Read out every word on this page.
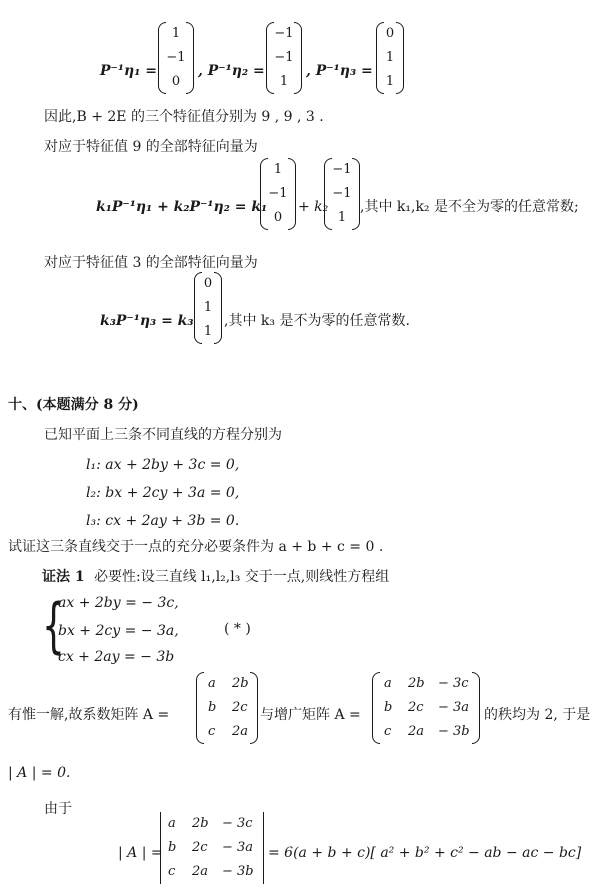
P⁻¹η₁ =
1
−1
0
, P⁻¹η₂ =
−1
−1
1
, P⁻¹η₃ =
0
1
1
因此,B + 2E 的三个特征值分别为 9 , 9 , 3 .
对应于特征值 9 的全部特征向量为
k₁P⁻¹η₁ + k₂P⁻¹η₂ = k₁
1
−1
0
+ k₂
−1
−1
1
,其中 k₁,k₂ 是不全为零的任意常数;
对应于特征值 3 的全部特征向量为
k₃P⁻¹η₃ = k₃
0
1
1
,其中 k₃ 是不为零的任意常数.
十、(本题满分 8 分)
已知平面上三条不同直线的方程分别为
l₁: ax + 2by + 3c = 0,
l₂: bx + 2cy + 3a = 0,
l₃: cx + 2ay + 3b = 0.
试证这三条直线交于一点的充分必要条件为 a + b + c = 0 .
证法 1 必要性:设三直线 l₁,l₂,l₃ 交于一点,则线性方程组
{
ax + 2by = − 3c,
bx + 2cy = − 3a,
cx + 2ay = − 3b
( * )
有惟一解,故系数矩阵 A =
a 2b
b 2c
c 2a
与增广矩阵 A =
a 2b − 3c
b 2c − 3a
c 2a − 3b
的秩均为 2, 于是
| A | = 0.
由于
| A | =
a 2b − 3c
b 2c − 3a
c 2a − 3b
= 6(a + b + c)[ a² + b² + c² − ab − ac − bc]
